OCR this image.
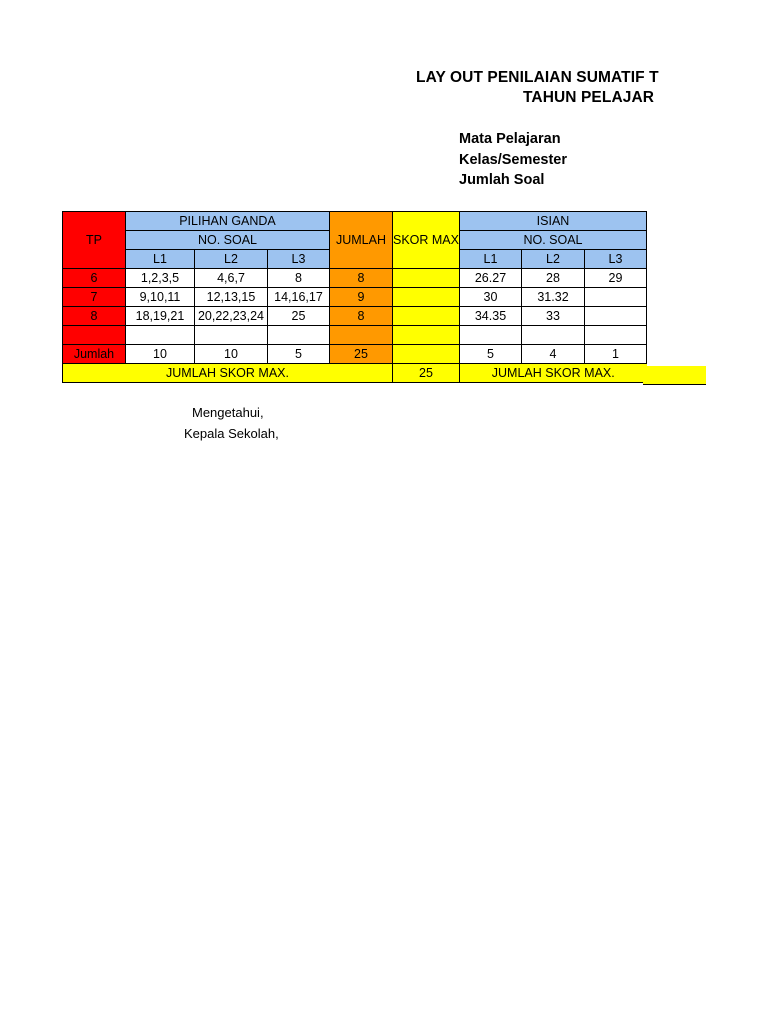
LAY OUT PENILAIAN SUMATIF T
TAHUN PELAJAR
Mata Pelajaran
Kelas/Semester
Jumlah Soal
TP	PILIHAN GANDA			JUMLAH	SKOR MAX	ISIAN		
	NO. SOAL					NO. SOAL		
	L1	L2	L3			L1	L2	L3
6	1,2,3,5	4,6,7	8	8		26.27	28	29
7	9,10,11	12,13,15	14,16,17	9		30	31.32	
8	18,19,21	20,22,23,24	25	8		34.35	33	

Jumlah	10	10	5	25		5	4	1
JUMLAH SKOR MAX.					25	JUMLAH SKOR MAX.		
Mengetahui,
Kepala Sekolah,
